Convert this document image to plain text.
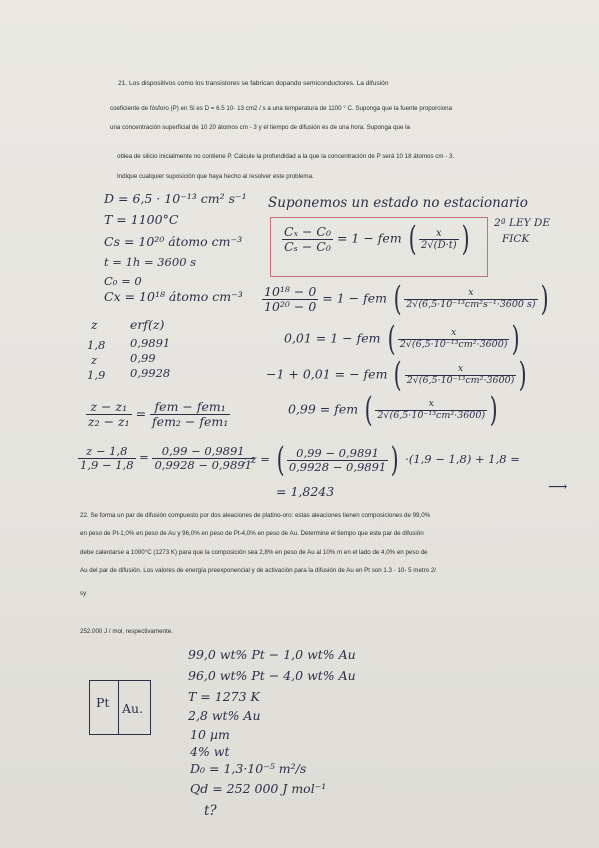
21. Los dispositivos como los transistores se fabrican dopando semiconductores. La difusión
coeficiente de fósforo (P) en Si es D = 6.5 10- 13 cm2 / s a una temperatura de 1100 ° C. Suponga que la fuente proporciona
una concentración superficial de 10 20 átomos cm - 3 y el tiempo de difusión es de una hora. Suponga que la
oblea de silicio inicialmente no contiene P. Calcule la profundidad a la que la concentración de P será 10 18 átomos cm - 3.
Indique cualquier suposición que haya hecho al resolver este problema.
D = 6,5 · 10⁻¹³ cm² s⁻¹
T = 1100°C
Cs = 10²⁰ átomo cm⁻³
t = 1h = 3600 s
C₀ = 0
Cx = 10¹⁸ átomo cm⁻³
Suponemos un estado no estacionario
2ª LEY DE
FICK
$\frac{\text{Cₓ − C₀}}{\text{Cₛ − C₀}} = 1$ − fem ( $\frac{x}{2√(D\cdot t)}$ )
$\frac{\text{10¹⁸ − 0}}{\text{10²⁰ − 0}} = 1$ − fem ( $\frac{x}{\text{2√(6,5·10⁻¹³cm²s⁻¹·3600 s)}}$ )
z	erf(z)
1,8 0,9891
z	0,99
1,9 0,9928
0,01 = 1 − fem ( $\frac{x}{\text{2√(6,5·10⁻¹³cm²·3600)}}$ )
−1 + 0,01 = − fem ( $\frac{x}{\text{2√(6,5·10⁻¹³cm²·3600)}}$ )
0,99 = fem ( $\frac{x}{\text{2√(6,5·10⁻¹³cm²·3600)}}$ )
$\frac{\text{z − z₁}}{\text{z₂ − z₁}} = \frac{\text{fem − fem₁}}{\text{fem₂ − fem₁}}$
$\frac{z - 1,8}{1,9 - 1,8} = \frac{0,99 - 0,9891}{0,9928 - 0,9891}$
; z = ( $\frac{0,99 - 0,9891}{0,9928 - 0,9891}$ ) ·(1,9 − 1,8) + 1,8 =
= 1,8243	⟶
22. Se forma un par de difusión compuesto por dos aleaciones de platino-oro: estas aleaciones tienen composiciones de 99,0%
en peso de Pt-1,0% en peso de Au y 96,0% en peso de Pt-4,0% en peso de Au. Determine el tiempo que este par de difusión
debe calentarse a 1000°C (1273 K) para que la composición sea 2,8% en peso de Au al 10% m en el lado de 4,0% en peso de
Au del par de difusión. Los valores de energía preexponencial y de activación para la difusión de Au en Pt son 1.3 · 10- 5 metro 2/
sy
252.000 J / mol, respectivamente.
Pt Au.
99,0 wt% Pt − 1,0 wt% Au
96,0 wt% Pt − 4,0 wt% Au
T = 1273 K
2,8 wt% Au
10 µm
4% wt
D₀ = 1,3·10⁻⁵ m²/s
Qd = 252 000 J mol⁻¹
t?
